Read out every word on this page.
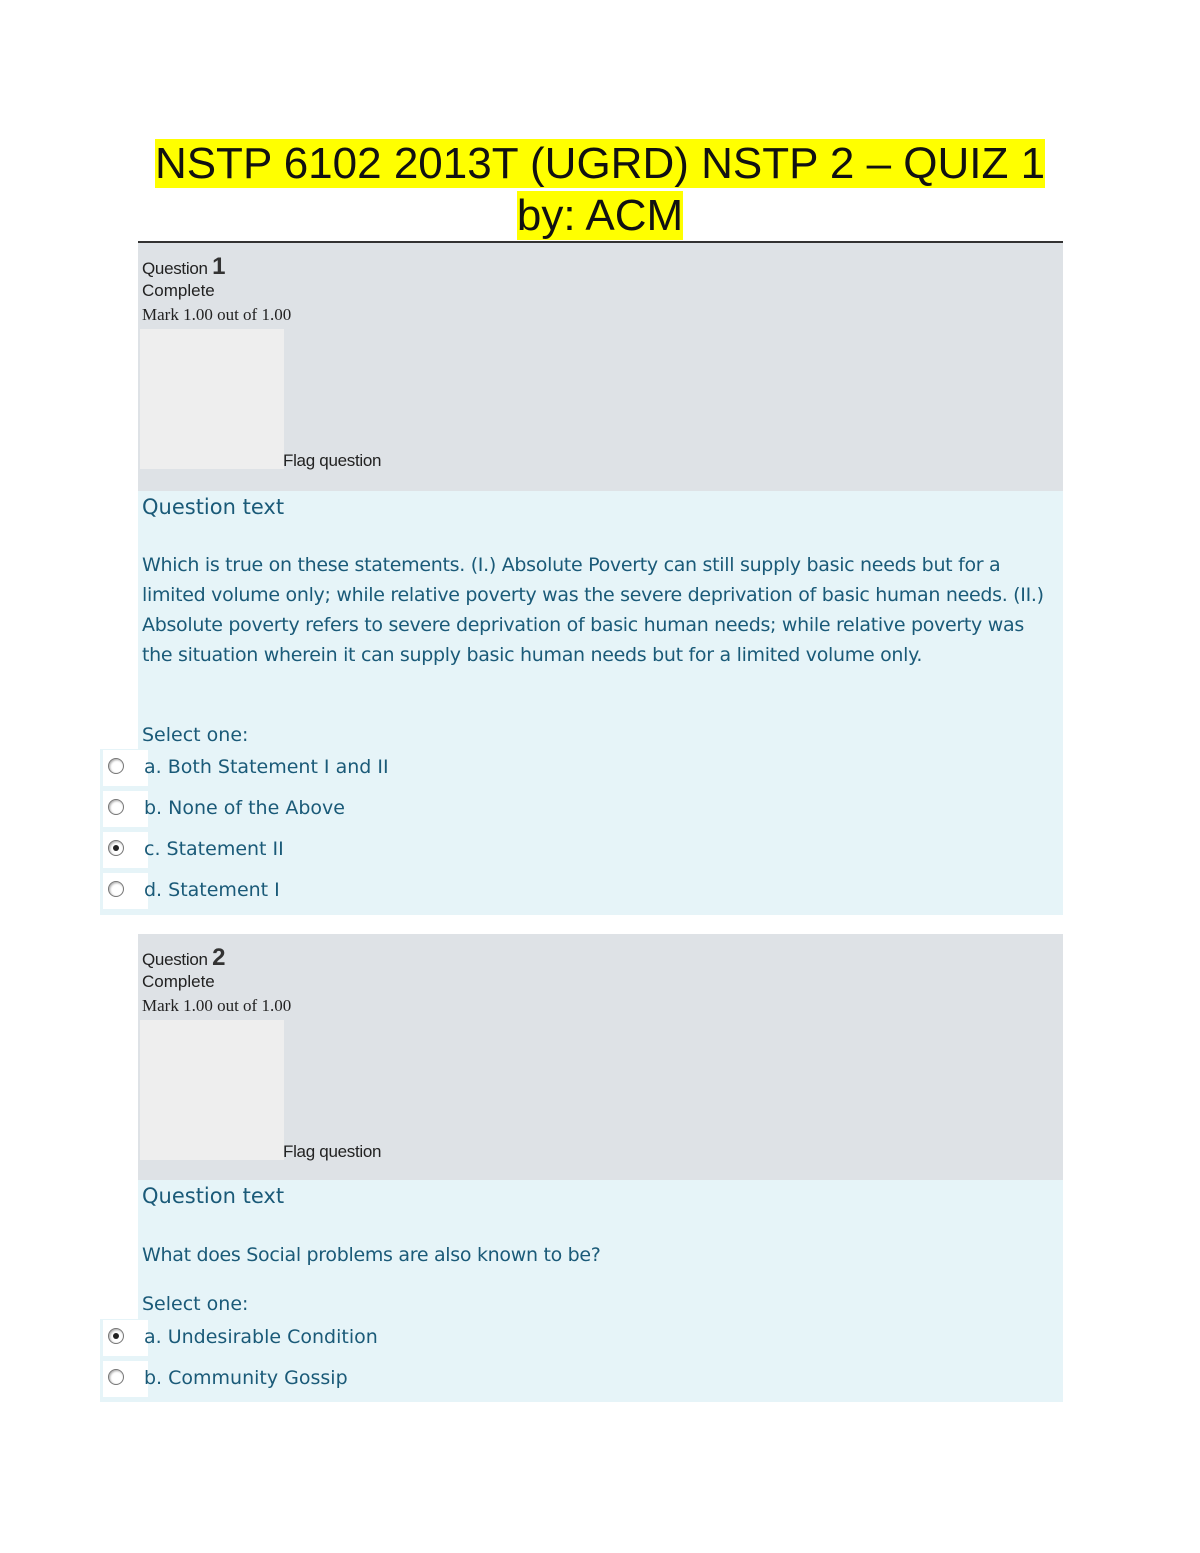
NSTP 6102 2013T (UGRD) NSTP 2 – QUIZ 1
by: ACM
Question 1
Complete
Mark 1.00 out of 1.00
Flag question
Question text
Which is true on these statements. (I.) Absolute Poverty can still supply basic needs but for a limited volume only; while relative poverty was the severe deprivation of basic human needs. (II.) Absolute poverty refers to severe deprivation of basic human needs; while relative poverty was the situation wherein it can supply basic human needs but for a limited volume only.
Select one:
a. Both Statement I and II
b. None of the Above
c. Statement II
d. Statement I
Question 2
Complete
Mark 1.00 out of 1.00
Flag question
Question text
What does Social problems are also known to be?
Select one:
a. Undesirable Condition
b. Community Gossip
